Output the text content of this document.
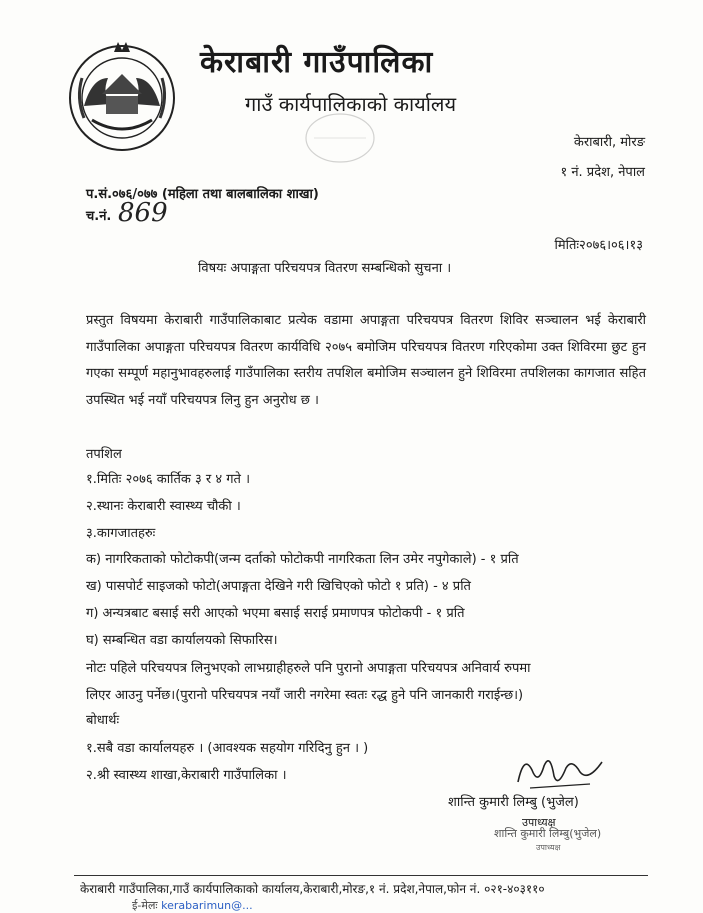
केराबारी गाउँपालिका
गाउँ कार्यपालिकाको कार्यालय
केराबारी, मोरङ
१ नं. प्रदेश, नेपाल
प.सं.०७६/०७७ (महिला तथा बालबालिका शाखा)
च.नं. 869
मितिः२०७६।०६।१३
विषयः अपाङ्गता परिचयपत्र वितरण सम्बन्धिको सुचना ।
प्रस्तुत विषयमा केराबारी गाउँपालिकाबाट प्रत्येक वडामा अपाङ्गता परिचयपत्र वितरण शिविर सञ्चालन भई केराबारी गाउँपालिका अपाङ्गता परिचयपत्र वितरण कार्यविधि २०७५ बमोजिम परिचयपत्र वितरण गरिएकोमा उक्त शिविरमा छुट हुन गएका सम्पूर्ण महानुभावहरुलाई गाउँपालिका स्तरीय तपशिल बमोजिम सञ्चालन हुने शिविरमा तपशिलका कागजात सहित उपस्थित भई नयाँ परिचयपत्र लिनु हुन अनुरोध छ ।
तपशिल
१.मितिः २०७६ कार्तिक ३ र ४ गते ।
२.स्थानः केराबारी स्वास्थ्य चौकी ।
३.कागजातहरुः
क) नागरिकताको फोटोकपी(जन्म दर्ताको फोटोकपी नागरिकता लिन उमेर नपुगेकाले) - १ प्रति
ख) पासपोर्ट साइजको फोटो(अपाङ्गता देखिने गरी खिचिएको फोटो १ प्रति) - ४ प्रति
ग) अन्यत्रबाट बसाई सरी आएको भएमा बसाई सराई प्रमाणपत्र फोटोकपी - १ प्रति
घ) सम्बन्धित वडा कार्यालयको सिफारिस।
नोटः पहिले परिचयपत्र लिनुभएको लाभग्राहीहरुले पनि पुरानो अपाङ्गता परिचयपत्र अनिवार्य रुपमा
लिएर आउनु पर्नेछ।(पुरानो परिचयपत्र नयाँ जारी नगरेमा स्वतः रद्ध हुने पनि जानकारी गराईन्छ।)
बोधार्थः
१.सबै वडा कार्यालयहरु । (आवश्यक सहयोग गरिदिनु हुन । )
२.श्री स्वास्थ्य शाखा,केराबारी गाउँपालिका ।
शान्ति कुमारी लिम्बु (भुजेल)
उपाध्यक्ष
शान्ति कुमारी लिम्बु(भुजेल)
उपाध्यक्ष
केराबारी गाउँपालिका,गाउँ कार्यपालिकाको कार्यालय,केराबारी,मोरङ,१ नं. प्रदेश,नेपाल,फोन नं. ०२१-४०३११०
ई-मेलः kerabarimun@...
